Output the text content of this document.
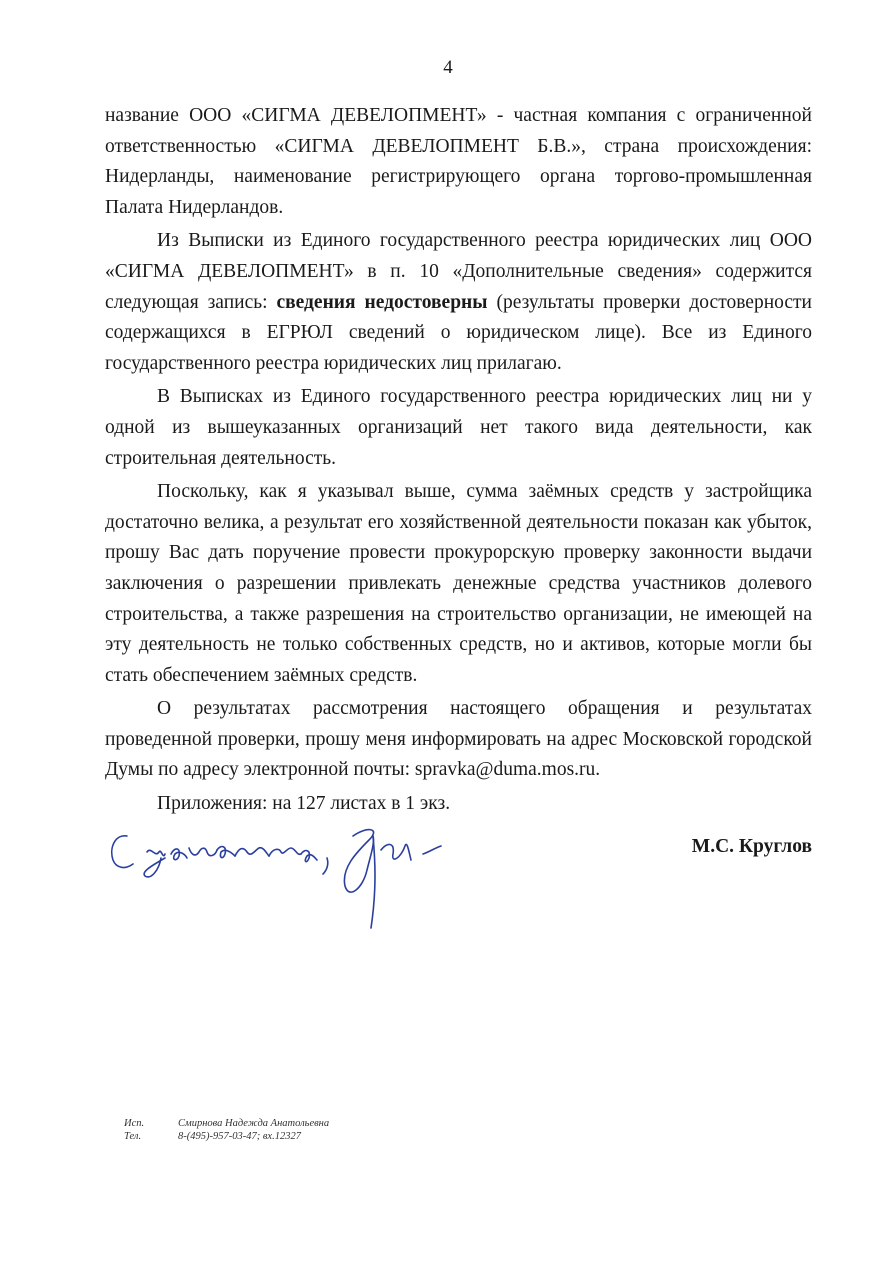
4

название ООО «СИГМА ДЕВЕЛОПМЕНТ» - частная компания с ограниченной ответственностью «СИГМА ДЕВЕЛОПМЕНТ Б.В.», страна происхождения: Нидерланды, наименование регистрирующего органа торгово-промышленная Палата Нидерландов.

Из Выписки из Единого государственного реестра юридических лиц ООО «СИГМА ДЕВЕЛОПМЕНТ» в п. 10 «Дополнительные сведения» содержится следующая запись: сведения недостоверны (результаты проверки достоверности содержащихся в ЕГРЮЛ сведений о юридическом лице). Все из Единого государственного реестра юридических лиц прилагаю.

В Выписках из Единого государственного реестра юридических лиц ни у одной из вышеуказанных организаций нет такого вида деятельности, как строительная деятельность.

Поскольку, как я указывал выше, сумма заёмных средств у застройщика достаточно велика, а результат его хозяйственной деятельности показан как убыток, прошу Вас дать поручение провести прокурорскую проверку законности выдачи заключения о разрешении привлекать денежные средства участников долевого строительства, а также разрешения на строительство организации, не имеющей на эту деятельность не только собственных средств, но и активов, которые могли бы стать обеспечением заёмных средств.

О результатах рассмотрения настоящего обращения и результатах проведенной проверки, прошу меня информировать на адрес Московской городской Думы по адресу электронной почты: spravka@duma.mos.ru.

Приложения: на 127 листах в 1 экз.

М.С. Круглов
Исп.	Смирнова Надежда Анатольевна
Тел.	8-(495)-957-03-47; вх.12327
